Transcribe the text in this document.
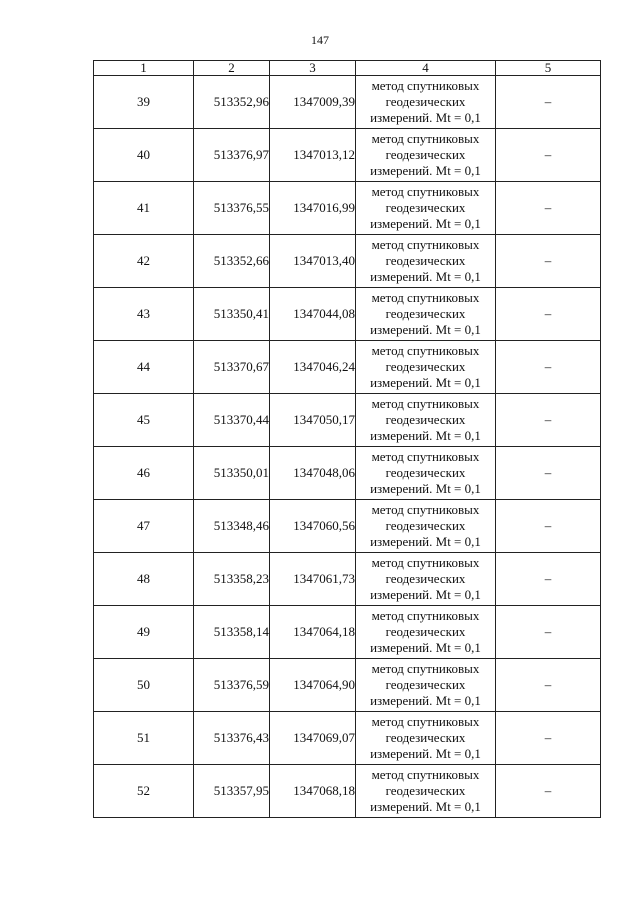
147
1	2	3	4	5
39	513352,96	1347009,39	метод спутниковых
геодезических
измерений. Mt = 0,1	–
40	513376,97	1347013,12	метод спутниковых
геодезических
измерений. Mt = 0,1	–
41	513376,55	1347016,99	метод спутниковых
геодезических
измерений. Mt = 0,1	–
42	513352,66	1347013,40	метод спутниковых
геодезических
измерений. Mt = 0,1	–
43	513350,41	1347044,08	метод спутниковых
геодезических
измерений. Mt = 0,1	–
44	513370,67	1347046,24	метод спутниковых
геодезических
измерений. Mt = 0,1	–
45	513370,44	1347050,17	метод спутниковых
геодезических
измерений. Mt = 0,1	–
46	513350,01	1347048,06	метод спутниковых
геодезических
измерений. Mt = 0,1	–
47	513348,46	1347060,56	метод спутниковых
геодезических
измерений. Mt = 0,1	–
48	513358,23	1347061,73	метод спутниковых
геодезических
измерений. Mt = 0,1	–
49	513358,14	1347064,18	метод спутниковых
геодезических
измерений. Mt = 0,1	–
50	513376,59	1347064,90	метод спутниковых
геодезических
измерений. Mt = 0,1	–
51	513376,43	1347069,07	метод спутниковых
геодезических
измерений. Mt = 0,1	–
52	513357,95	1347068,18	метод спутниковых
геодезических
измерений. Mt = 0,1	–
